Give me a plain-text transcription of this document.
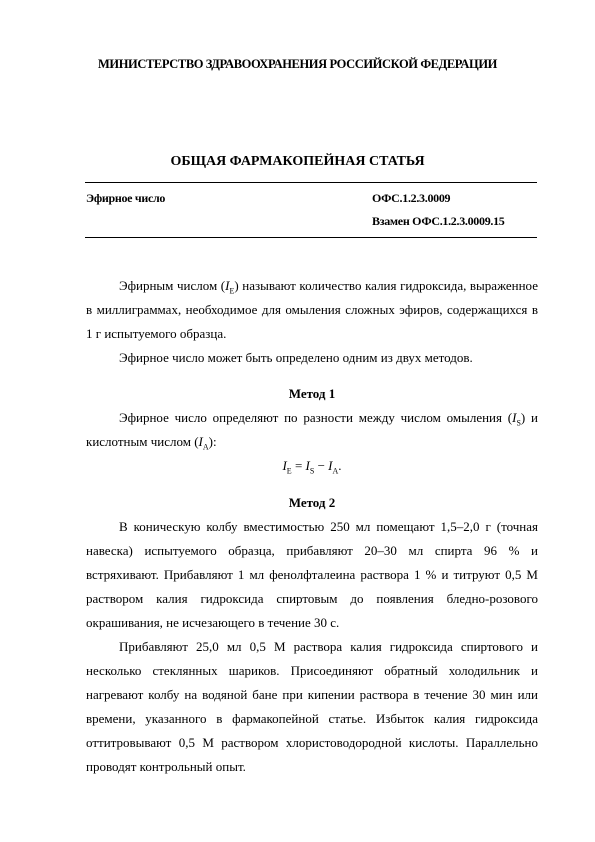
МИНИСТЕРСТВО ЗДРАВООХРАНЕНИЯ РОССИЙСКОЙ ФЕДЕРАЦИИ
ОБЩАЯ ФАРМАКОПЕЙНАЯ СТАТЬЯ
Эфирное число	ОФС.1.2.3.0009
Взамен ОФС.1.2.3.0009.15

Эфирным числом $(I_Е)$ называют количество калия гидроксида, выраженное в миллиграммах, необходимое для омыления сложных эфиров, содержащихся в 1 г испытуемого образца.

Эфирное число может быть определено одним из двух методов.

Метод 1

Эфирное число определяют по разности между числом омыления $(I_S)$ и кислотным числом $(I_A)$:

$I_E = I_S - I_A$.

Метод 2

В коническую колбу вместимостью 250 мл помещают 1,5–2,0 г (точная навеска) испытуемого образца, прибавляют 20–30 мл спирта 96 % и встряхивают. Прибавляют 1 мл фенолфталеина раствора 1 % и титруют 0,5 М раствором калия гидроксида спиртовым до появления бледно-розового окрашивания, не исчезающего в течение 30 с.

Прибавляют 25,0 мл 0,5 М раствора калия гидроксида спиртового и несколько стеклянных шариков. Присоединяют обратный холодильник и нагревают колбу на водяной бане при кипении раствора в течение 30 мин или времени, указанного в фармакопейной статье. Избыток калия гидроксида оттитровывают 0,5 М раствором хлористоводородной кислоты. Параллельно проводят контрольный опыт.
